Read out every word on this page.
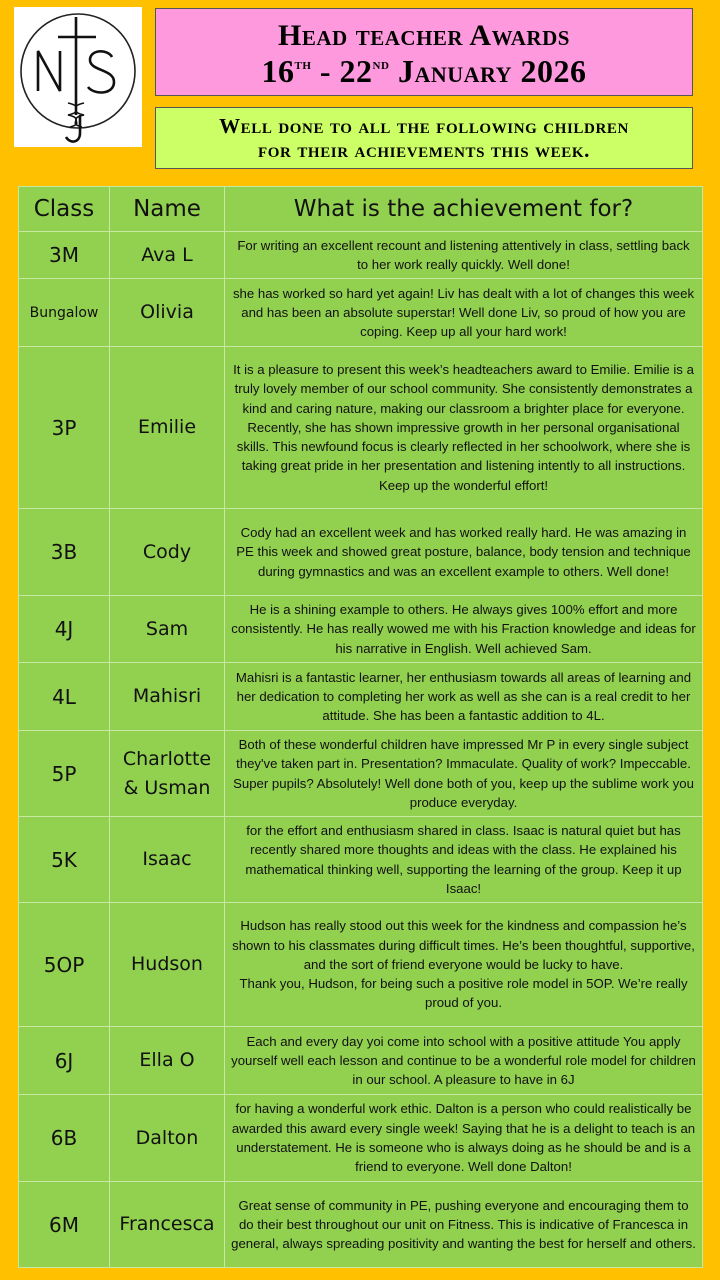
Head teacher Awards
16th - 22nd January 2026
Well done to all the following children
for their achievements this week.
Class	Name	What is the achievement for?
3M	Ava L	For writing an excellent recount and listening attentively in class, settling back to her work really quickly. Well done!
Bungalow	Olivia	she has worked so hard yet again! Liv has dealt with a lot of changes this week and has been an absolute superstar! Well done Liv, so proud of how you are coping. Keep up all your hard work!
3P	Emilie	It is a pleasure to present this week’s headteachers award to Emilie. Emilie is a truly lovely member of our school community. She consistently demonstrates a kind and caring nature, making our classroom a brighter place for everyone. Recently, she has shown impressive growth in her personal organisational skills. This newfound focus is clearly reflected in her schoolwork, where she is taking great pride in her presentation and listening intently to all instructions. Keep up the wonderful effort!
3B	Cody	Cody had an excellent week and has worked really hard. He was amazing in PE this week and showed great posture, balance, body tension and technique during gymnastics and was an excellent example to others. Well done!
4J	Sam	He is a shining example to others. He always gives 100% effort and more consistently. He has really wowed me with his Fraction knowledge and ideas for his narrative in English. Well achieved Sam.
4L	Mahisri	Mahisri is a fantastic learner, her enthusiasm towards all areas of learning and her dedication to completing her work as well as she can is a real credit to her attitude. She has been a fantastic addition to 4L.
5P	Charlotte & Usman	Both of these wonderful children have impressed Mr P in every single subject they've taken part in. Presentation? Immaculate. Quality of work? Impeccable. Super pupils? Absolutely! Well done both of you, keep up the sublime work you produce everyday.
5K	Isaac	for the effort and enthusiasm shared in class. Isaac is natural quiet but has recently shared more thoughts and ideas with the class. He explained his mathematical thinking well, supporting the learning of the group. Keep it up Isaac!
5OP	Hudson	Hudson has really stood out this week for the kindness and compassion he’s shown to his classmates during difficult times. He’s been thoughtful, supportive, and the sort of friend everyone would be lucky to have.
Thank you, Hudson, for being such a positive role model in 5OP. We’re really proud of you.
6J	Ella O	Each and every day yoi come into school with a positive attitude You apply yourself well each lesson and continue to be a wonderful role model for children in our school. A pleasure to have in 6J
6B	Dalton	for having a wonderful work ethic. Dalton is a person who could realistically be awarded this award every single week! Saying that he is a delight to teach is an understatement. He is someone who is always doing as he should be and is a friend to everyone. Well done Dalton!
6M	Francesca	Great sense of community in PE, pushing everyone and encouraging them to do their best throughout our unit on Fitness. This is indicative of Francesca in general, always spreading positivity and wanting the best for herself and others.
